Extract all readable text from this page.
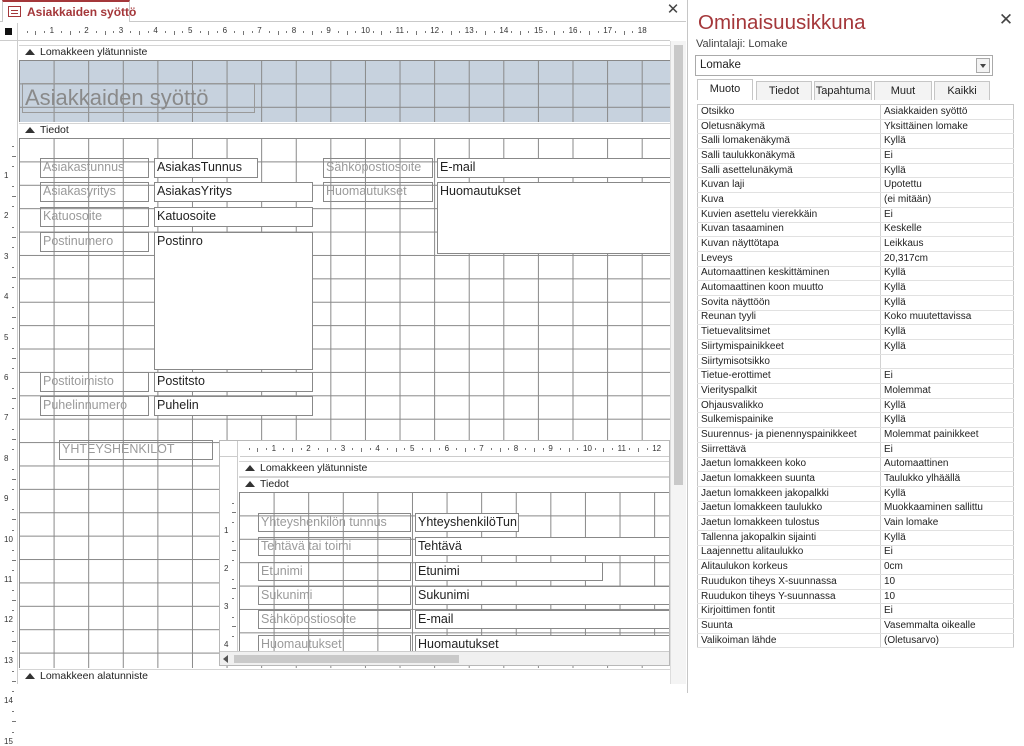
Asiakkaiden syöttö	✕
1	2	3	4	5	6	7	8	9	10	11	12	13	14	15	16	17	18
1
2
3
4
5
6
7
8
9
10
11
12
13
14
15
Lomakkeen ylätunniste
Asiakkaiden syöttö
Tiedot
Asiakastunnus
Asiakasyritys
Katuosoite
Postinumero
Postitoimisto
Puhelinnumero
AsiakasTunnus
AsiakasYritys
Katuosoite
Postinro
Postitsto
Puhelin
Sähköpostiosoite
Huomautukset
E-mail
Huomautukset
YHTEYSHENKILÖT	1	2	3	4	5	6	7	8	9	10	11	12
1
2
3
4
Lomakkeen ylätunniste
Tiedot
Yhteyshenkilön tunnus
Tehtävä tai toimi
Etunimi
Sukunimi
Sähköpostiosoite
Huomautukset
YhteyshenkilöTun
Tehtävä
Etunimi
Sukunimi
E-mail
Huomautukset
Lomakkeen alatunniste
Ominaisuusikkuna	✕
Valintalaji: Lomake
Lomake
Muoto	Tiedot	Tapahtuma	Muut	Kaikki
Otsikko	Asiakkaiden syöttö
Oletusnäkymä	Yksittäinen lomake
Salli lomakenäkymä	Kyllä
Salli taulukkonäkymä	Ei
Salli asettelunäkymä	Kyllä
Kuvan laji	Upotettu
Kuva	(ei mitään)
Kuvien asettelu vierekkäin	Ei
Kuvan tasaaminen	Keskelle
Kuvan näyttötapa	Leikkaus
Leveys	20,317cm
Automaattinen keskittäminen	Kyllä
Automaattinen koon muutto	Kyllä
Sovita näyttöön	Kyllä
Reunan tyyli	Koko muutettavissa
Tietuevalitsimet	Kyllä
Siirtymispainikkeet	Kyllä
Siirtymisotsikko	
Tietue-erottimet	Ei
Vierityspalkit	Molemmat
Ohjausvalikko	Kyllä
Sulkemispainike	Kyllä
Suurennus- ja pienennyspainikkeet	Molemmat painikkeet
Siirrettävä	Ei
Jaetun lomakkeen koko	Automaattinen
Jaetun lomakkeen suunta	Taulukko ylhäällä
Jaetun lomakkeen jakopalkki	Kyllä
Jaetun lomakkeen taulukko	Muokkaaminen sallittu
Jaetun lomakkeen tulostus	Vain lomake
Tallenna jakopalkin sijainti	Kyllä
Laajennettu alitaulukko	Ei
Alitaulukon korkeus	0cm
Ruudukon tiheys X-suunnassa	10
Ruudukon tiheys Y-suunnassa	10
Kirjoittimen fontit	Ei
Suunta	Vasemmalta oikealle
Valikoiman lähde	(Oletusarvo)
